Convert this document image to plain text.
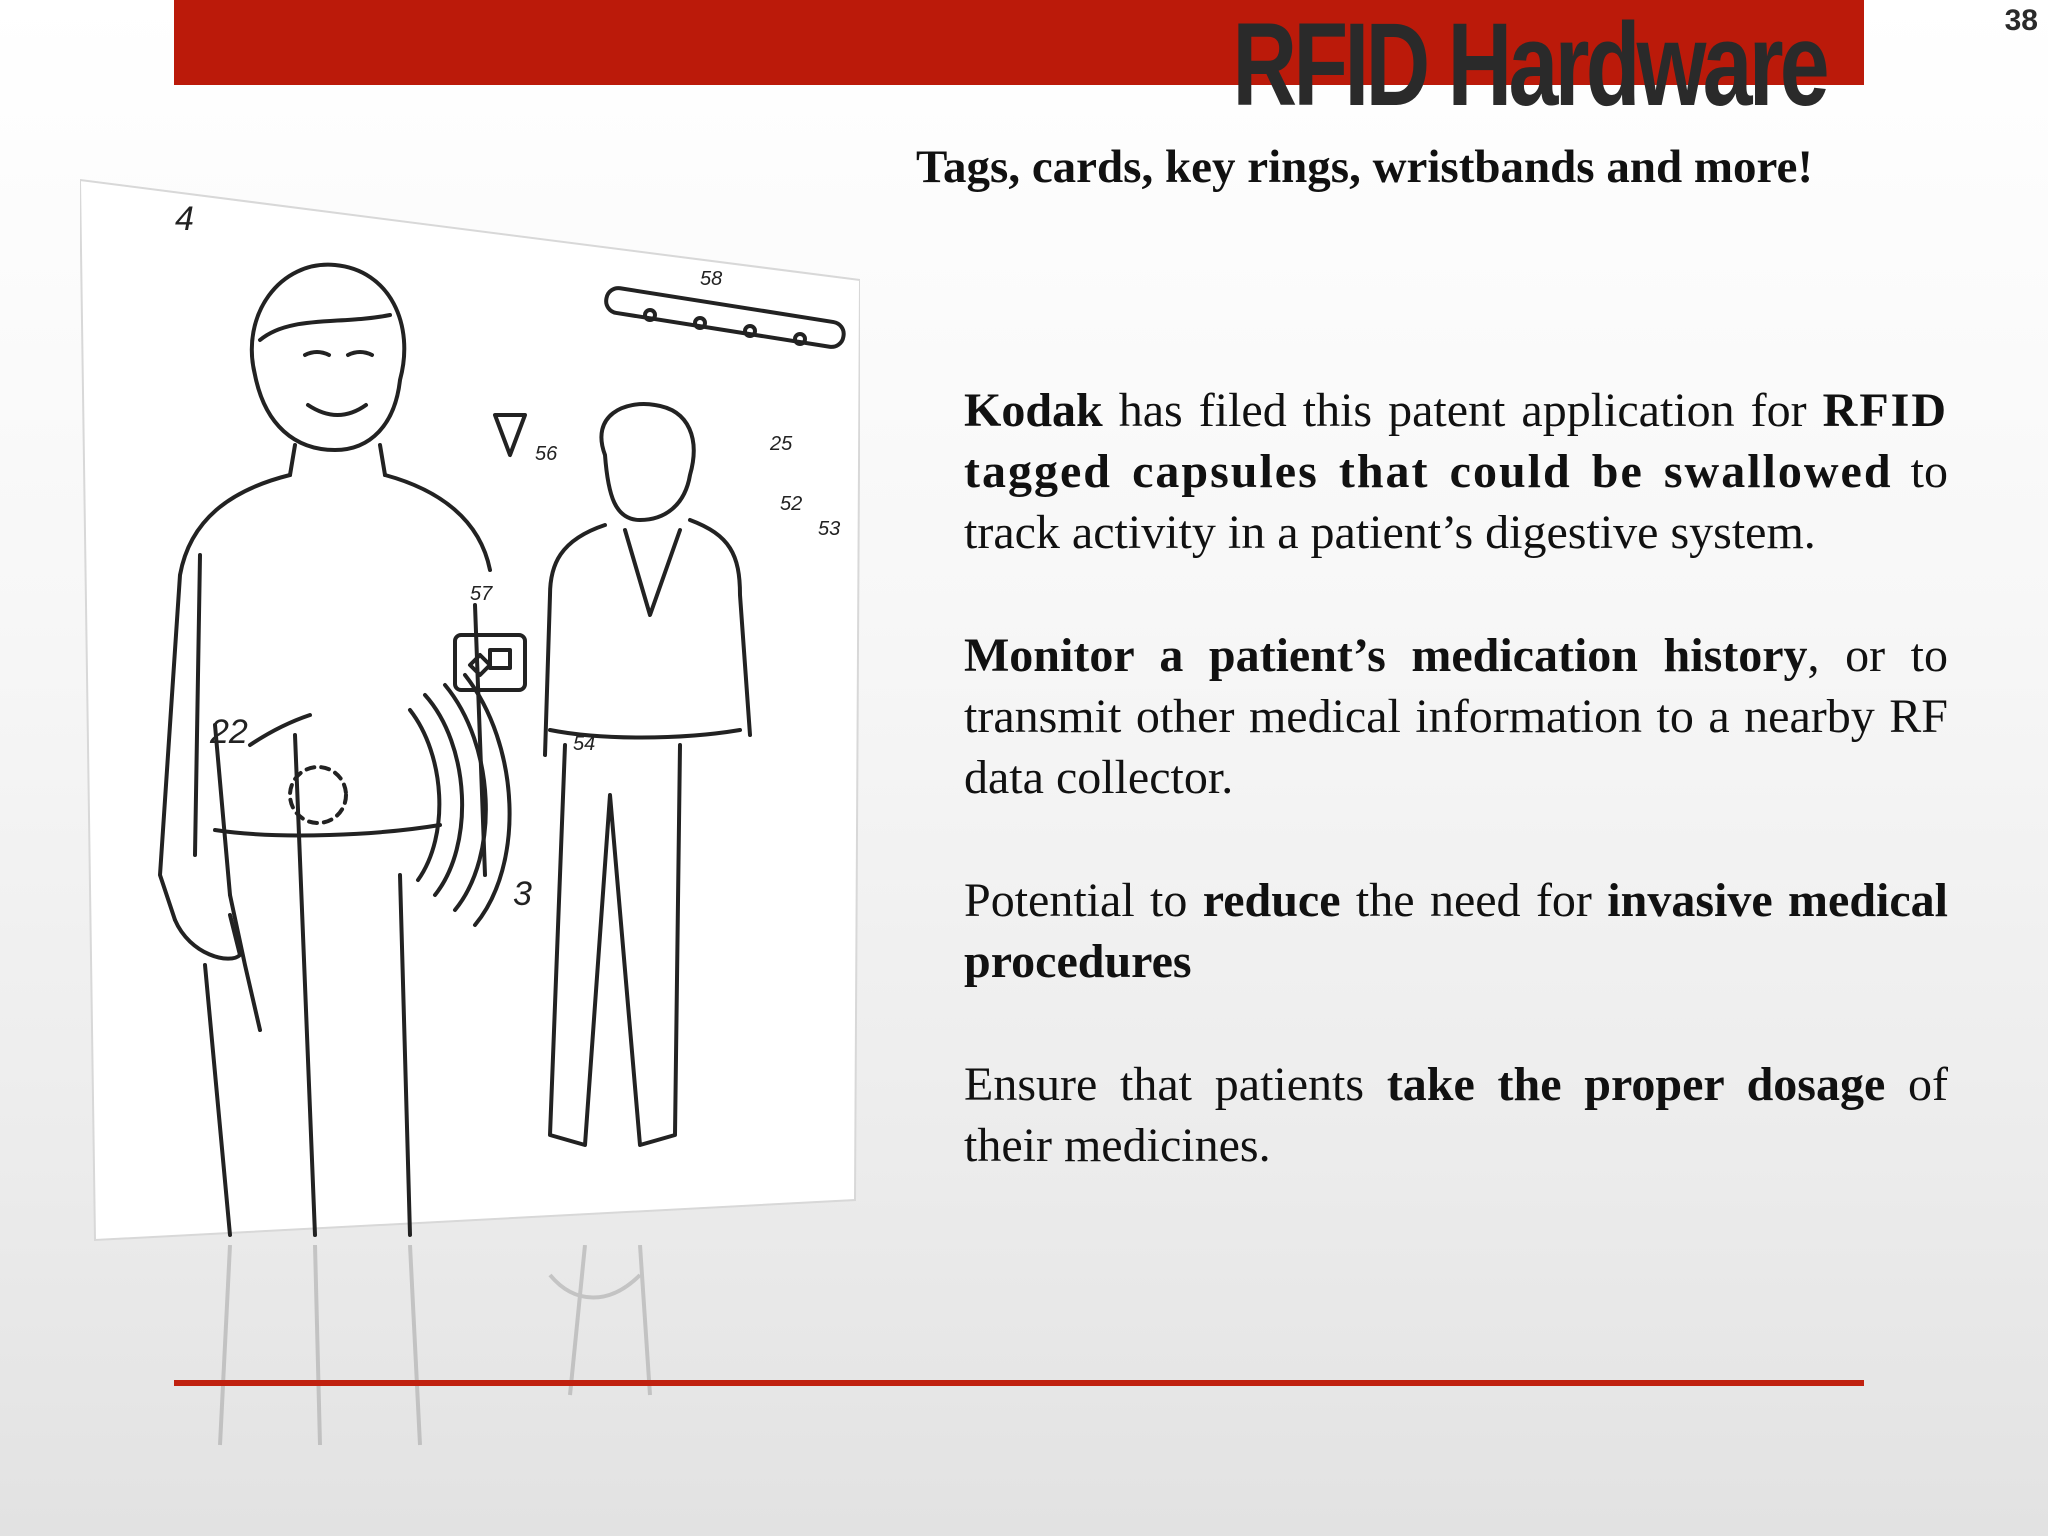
RFID Hardware	38
Tags, cards, key rings, wristbands and more!
4
58
56	25
52
53
57
22	54
3

Kodak has filed this patent application for RFID tagged capsules that could be swallowed to track activity in a patient’s digestive system.

Monitor a patient’s medication history, or to transmit other medical information to a nearby RF data collector.

Potential to reduce the need for invasive medical procedures

Ensure that patients take the proper dosage of their medicines.
